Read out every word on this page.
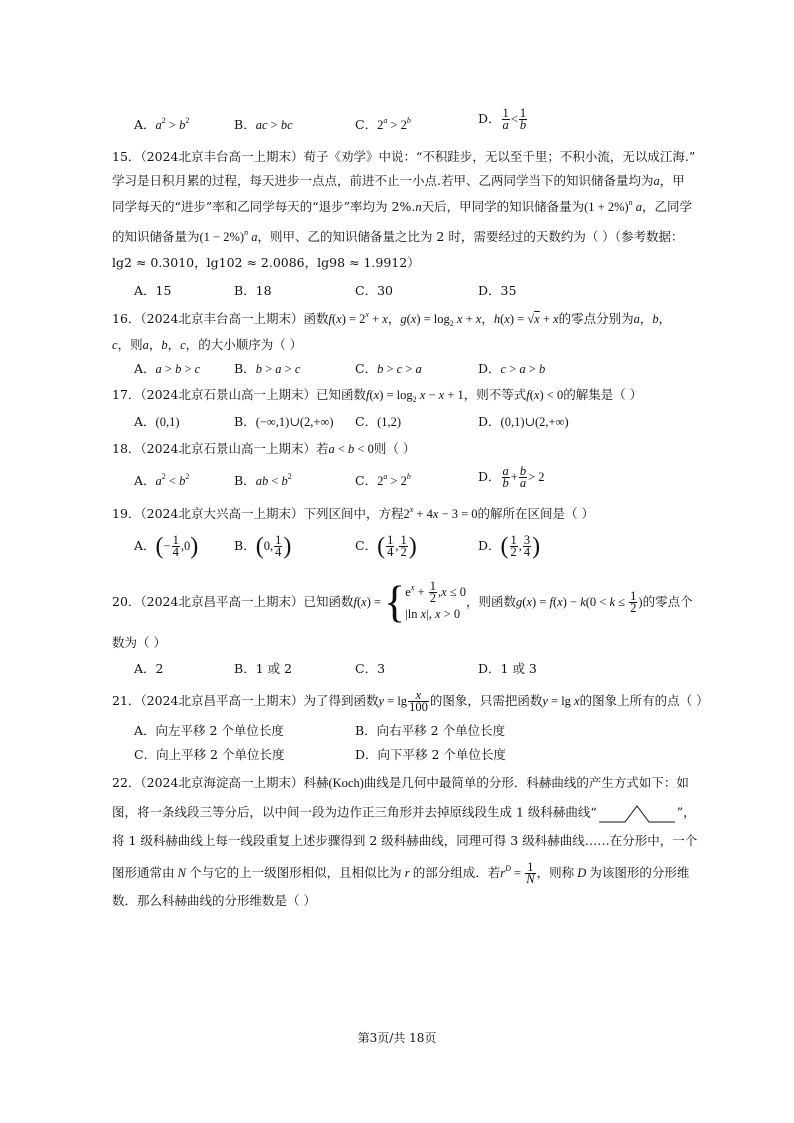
A．$a^2 > b^2$	B．ac > bc	C．$2^a > 2^b$	D． $\frac{1}{a} < \frac{1}{b}$
15．（2024北京丰台高一上期末）荀子《劝学》中说：“不积跬步，无以至千里；不积小流，无以成江海.”
学习是日积月累的过程，每天进步一点点，前进不止一小点.若甲、乙两同学当下的知识储备量均为a，甲
同学每天的“进步”率和乙同学每天的“退步”率均为 2%.n天后，甲同学的知识储备量为$(1 + 2\%)^n$ a，乙同学
的知识储备量为$(1 - 2\%)^n$ a，则甲、乙的知识储备量之比为 2 时，需要经过的天数约为（ ）（参考数据：
lg2 ≈ 0.3010，lg102 ≈ 2.0086，lg98 ≈ 1.9912）
A．15	B．18	C．30	D．35
16．（2024北京丰台高一上期末）函数$f(x) = 2^x + x$，$g(x) = \log_2 x + x$，h(x) = √x + x的零点分别为a，b，
c，则a，b，c，的大小顺序为（ ）
A．a > b > c	B．b > a > c	C．b > c > a	D．c > a > b
17．（2024北京石景山高一上期末）已知函数$f(x) = \log_2 x - x + 1$，则不等式f(x) < 0的解集是（ ）
A．(0,1)	B．(−∞,1)∪(2,+∞) C．(1,2)	D．(0,1)∪(2,+∞)
18．（2024北京石景山高一上期末）若a < b < 0则（ ）
A．$a^2 < b^2$	B．ab < $b^2$	C．$2^a > 2^b$	D． $\frac{a}{b} + \frac{b}{a} > 2$
19．（2024北京大兴高一上期末）下列区间中，方程$2^x + 4x - 3 = 0$的解所在区间是（ ）
A．(− $\frac{1}{4} ,0$)	B．(0, $\frac{1}{4}$ )	C．( $\frac{1}{4}$ , $\frac{1}{2}$ )	D．( $\frac{1}{2}$ , $\frac{3}{4}$ )
20．（2024北京昌平高一上期末）已知函数f(x) = { $e^x + \frac{1}{2} ,x \le 0$
|ln x|, x > 0
，则函数$g(x) = f(x) - k(0 < k \le \frac{1}{2}$ )的零点个
数为（ ）
A．2	B．1 或 2	C．3	D．1 或 3
21．（2024北京昌平高一上期末）为了得到函数$y = \lg \frac{x}{100}$ 的图象，只需把函数y = lg x的图象上所有的点（ ）
A．向左平移 2 个单位长度	B．向右平移 2 个单位长度
C．向上平移 2 个单位长度	D．向下平移 2 个单位长度
22．（2024北京海淀高一上期末）科赫(Koch)曲线是几何中最简单的分形．科赫曲线的产生方式如下：如
图，将一条线段三等分后，以中间一段为边作正三角形并去掉原线段生成 1 级科赫曲线“	”，
将 1 级科赫曲线上每一线段重复上述步骤得到 2 级科赫曲线，同理可得 3 级科赫曲线……在分形中，一个
图形通常由 N 个与它的上一级图形相似，且相似比为 r 的部分组成．若$r^D = \frac{1}{N}$ ，则称 D 为该图形的分形维
数．那么科赫曲线的分形维数是（ ）
第3页/共 18页
